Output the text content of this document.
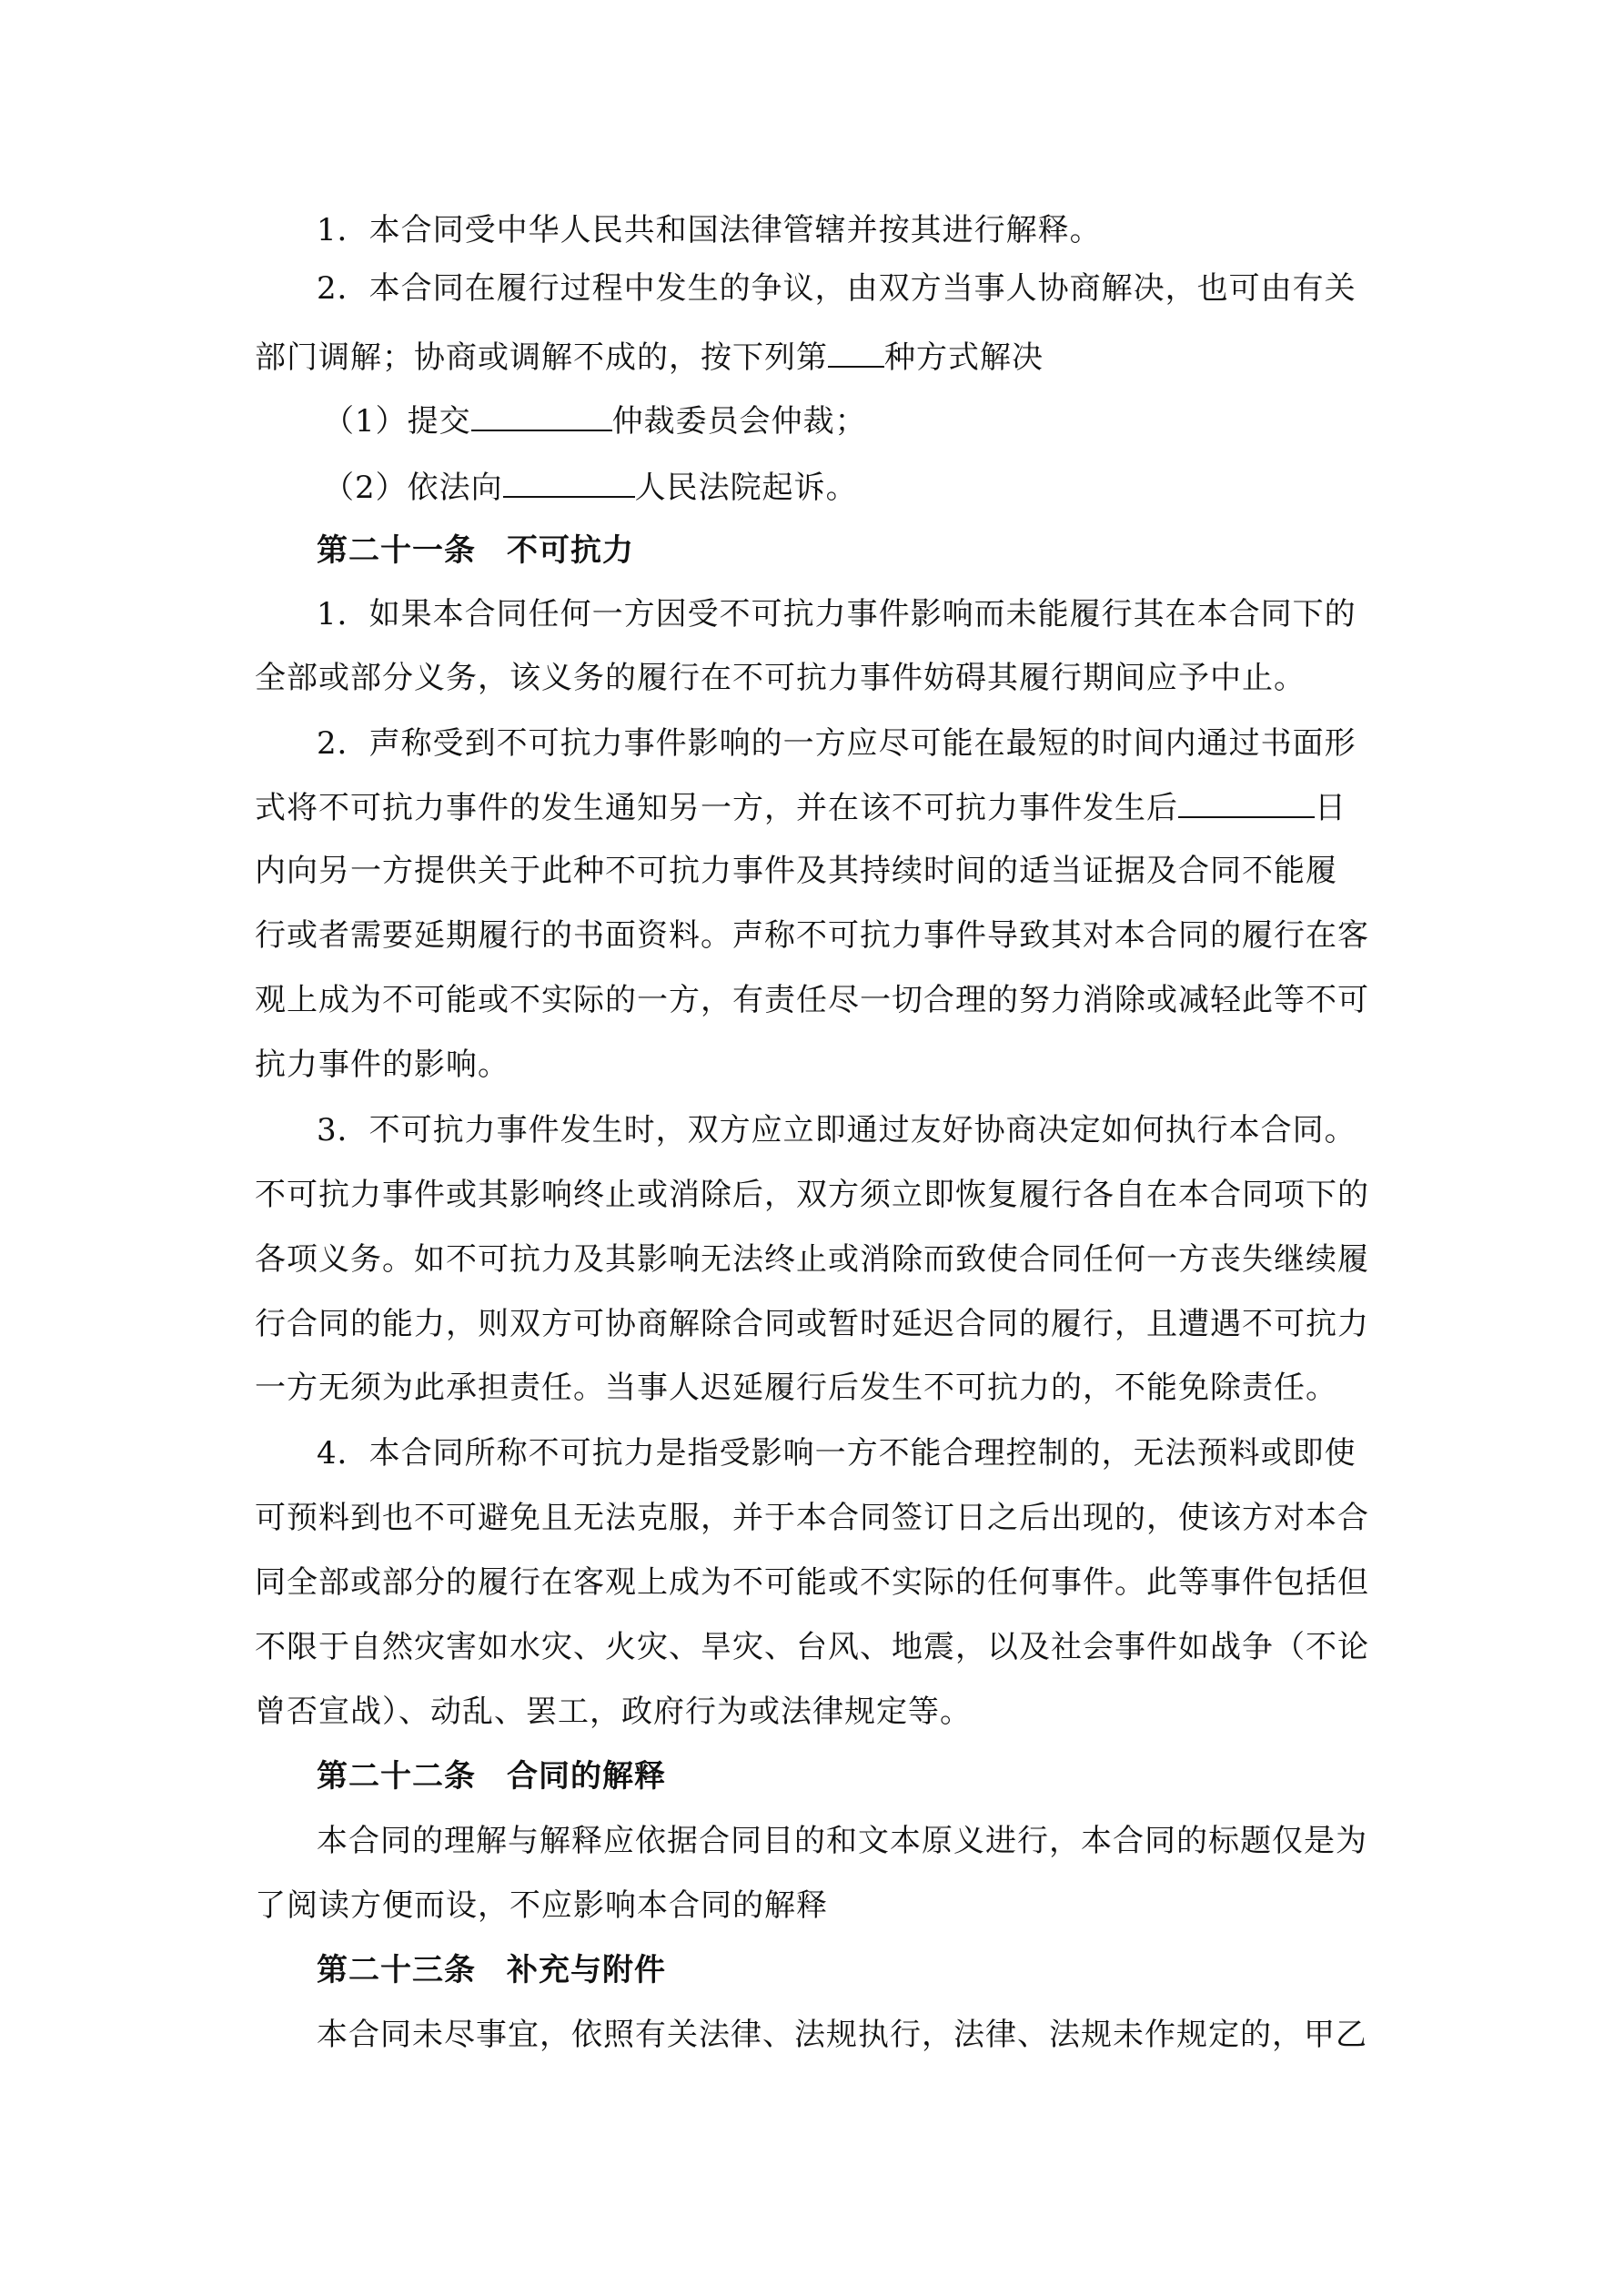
1．本合同受中华人民共和国法律管辖并按其进行解释。
2．本合同在履行过程中发生的争议，由双方当事人协商解决，也可由有关
部门调解；协商或调解不成的，按下列第 种方式解决
（1）提交	仲裁委员会仲裁；
（2）依法向	人民法院起诉。
第二十一条 不可抗力
1．如果本合同任何一方因受不可抗力事件影响而未能履行其在本合同下的
全部或部分义务，该义务的履行在不可抗力事件妨碍其履行期间应予中止。
2．声称受到不可抗力事件影响的一方应尽可能在最短的时间内通过书面形
式将不可抗力事件的发生通知另一方，并在该不可抗力事件发生后	日
内向另一方提供关于此种不可抗力事件及其持续时间的适当证据及合同不能履
行或者需要延期履行的书面资料。声称不可抗力事件导致其对本合同的履行在客
观上成为不可能或不实际的一方，有责任尽一切合理的努力消除或减轻此等不可
抗力事件的影响。
3．不可抗力事件发生时，双方应立即通过友好协商决定如何执行本合同。
不可抗力事件或其影响终止或消除后，双方须立即恢复履行各自在本合同项下的
各项义务。如不可抗力及其影响无法终止或消除而致使合同任何一方丧失继续履
行合同的能力，则双方可协商解除合同或暂时延迟合同的履行，且遭遇不可抗力
一方无须为此承担责任。当事人迟延履行后发生不可抗力的，不能免除责任。
4．本合同所称不可抗力是指受影响一方不能合理控制的，无法预料或即使
可预料到也不可避免且无法克服，并于本合同签订日之后出现的，使该方对本合
同全部或部分的履行在客观上成为不可能或不实际的任何事件。此等事件包括但
不限于自然灾害如水灾、火灾、旱灾、台风、地震，以及社会事件如战争（不论
曾否宣战）、动乱、罢工，政府行为或法律规定等。
第二十二条 合同的解释
本合同的理解与解释应依据合同目的和文本原义进行，本合同的标题仅是为
了阅读方便而设，不应影响本合同的解释
第二十三条 补充与附件
本合同未尽事宜，依照有关法律、法规执行，法律、法规未作规定的，甲乙
